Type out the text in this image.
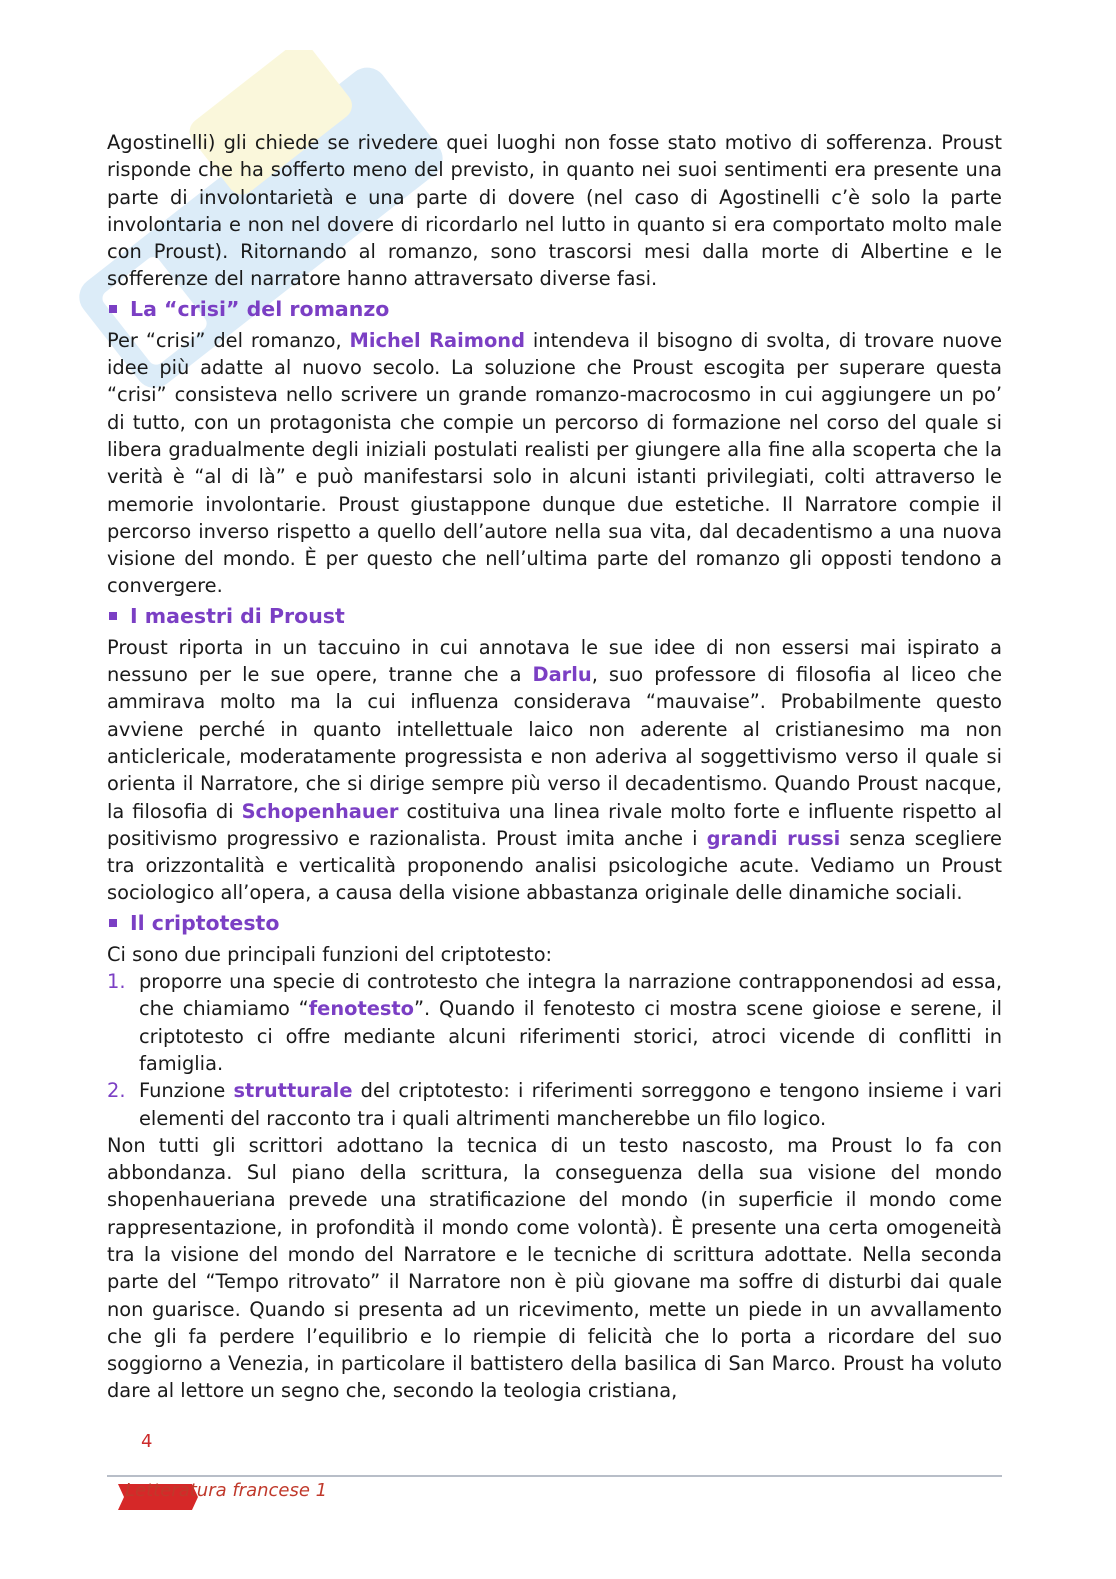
Agostinelli) gli chiede se rivedere quei luoghi non fosse stato motivo di sofferenza. Proust risponde che ha sofferto meno del previsto, in quanto nei suoi sentimenti era presente una parte di involontarietà e una parte di dovere (nel caso di Agostinelli c’è solo la parte involontaria e non nel dovere di ricordarlo nel lutto in quanto si era comportato molto male con Proust). Ritornando al romanzo, sono trascorsi mesi dalla morte di Albertine e le sofferenze del narratore hanno attraversato diverse fasi.

La “crisi” del romanzo

Per “crisi” del romanzo, Michel Raimond intendeva il bisogno di svolta, di trovare nuove idee più adatte al nuovo secolo. La soluzione che Proust escogita per superare questa “crisi” consisteva nello scrivere un grande romanzo-macrocosmo in cui aggiungere un po’ di tutto, con un protagonista che compie un percorso di formazione nel corso del quale si libera gradualmente degli iniziali postulati realisti per giungere alla fine alla scoperta che la verità è “al di là” e può manifestarsi solo in alcuni istanti privilegiati, colti attraverso le memorie involontarie. Proust giustappone dunque due estetiche. Il Narratore compie il percorso inverso rispetto a quello dell’autore nella sua vita, dal decadentismo a una nuova visione del mondo. È per questo che nell’ultima parte del romanzo gli opposti tendono a convergere.

I maestri di Proust

Proust riporta in un taccuino in cui annotava le sue idee di non essersi mai ispirato a nessuno per le sue opere, tranne che a Darlu, suo professore di filosofia al liceo che ammirava molto ma la cui influenza considerava “mauvaise”. Probabilmente questo avviene perché in quanto intellettuale laico non aderente al cristianesimo ma non anticlericale, moderatamente progressista e non aderiva al soggettivismo verso il quale si orienta il Narratore, che si dirige sempre più verso il decadentismo. Quando Proust nacque, la filosofia di Schopenhauer costituiva una linea rivale molto forte e influente rispetto al positivismo progressivo e razionalista. Proust imita anche i grandi russi senza scegliere tra orizzontalità e verticalità proponendo analisi psicologiche acute. Vediamo un Proust sociologico all’opera, a causa della visione abbastanza originale delle dinamiche sociali.

Il criptotesto

Ci sono due principali funzioni del criptotesto:

1. proporre una specie di controtesto che integra la narrazione contrapponendosi ad essa, che chiamiamo “fenotesto”. Quando il fenotesto ci mostra scene gioiose e serene, il criptotesto ci offre mediante alcuni riferimenti storici, atroci vicende di conflitti in famiglia.
2. Funzione strutturale del criptotesto: i riferimenti sorreggono e tengono insieme i vari elementi del racconto tra i quali altrimenti mancherebbe un filo logico.

Non tutti gli scrittori adottano la tecnica di un testo nascosto, ma Proust lo fa con abbondanza. Sul piano della scrittura, la conseguenza della sua visione del mondo shopenhaueriana prevede una stratificazione del mondo (in superficie il mondo come rappresentazione, in profondità il mondo come volontà). È presente una certa omogeneità tra la visione del mondo del Narratore e le tecniche di scrittura adottate. Nella seconda parte del “Tempo ritrovato” il Narratore non è più giovane ma soffre di disturbi dai quale non guarisce. Quando si presenta ad un ricevimento, mette un piede in un avvallamento che gli fa perdere l’equilibrio e lo riempie di felicità che lo porta a ricordare del suo soggiorno a Venezia, in particolare il battistero della basilica di San Marco. Proust ha voluto dare al lettore un segno che, secondo la teologia cristiana,

4
Letteratura francese 1
